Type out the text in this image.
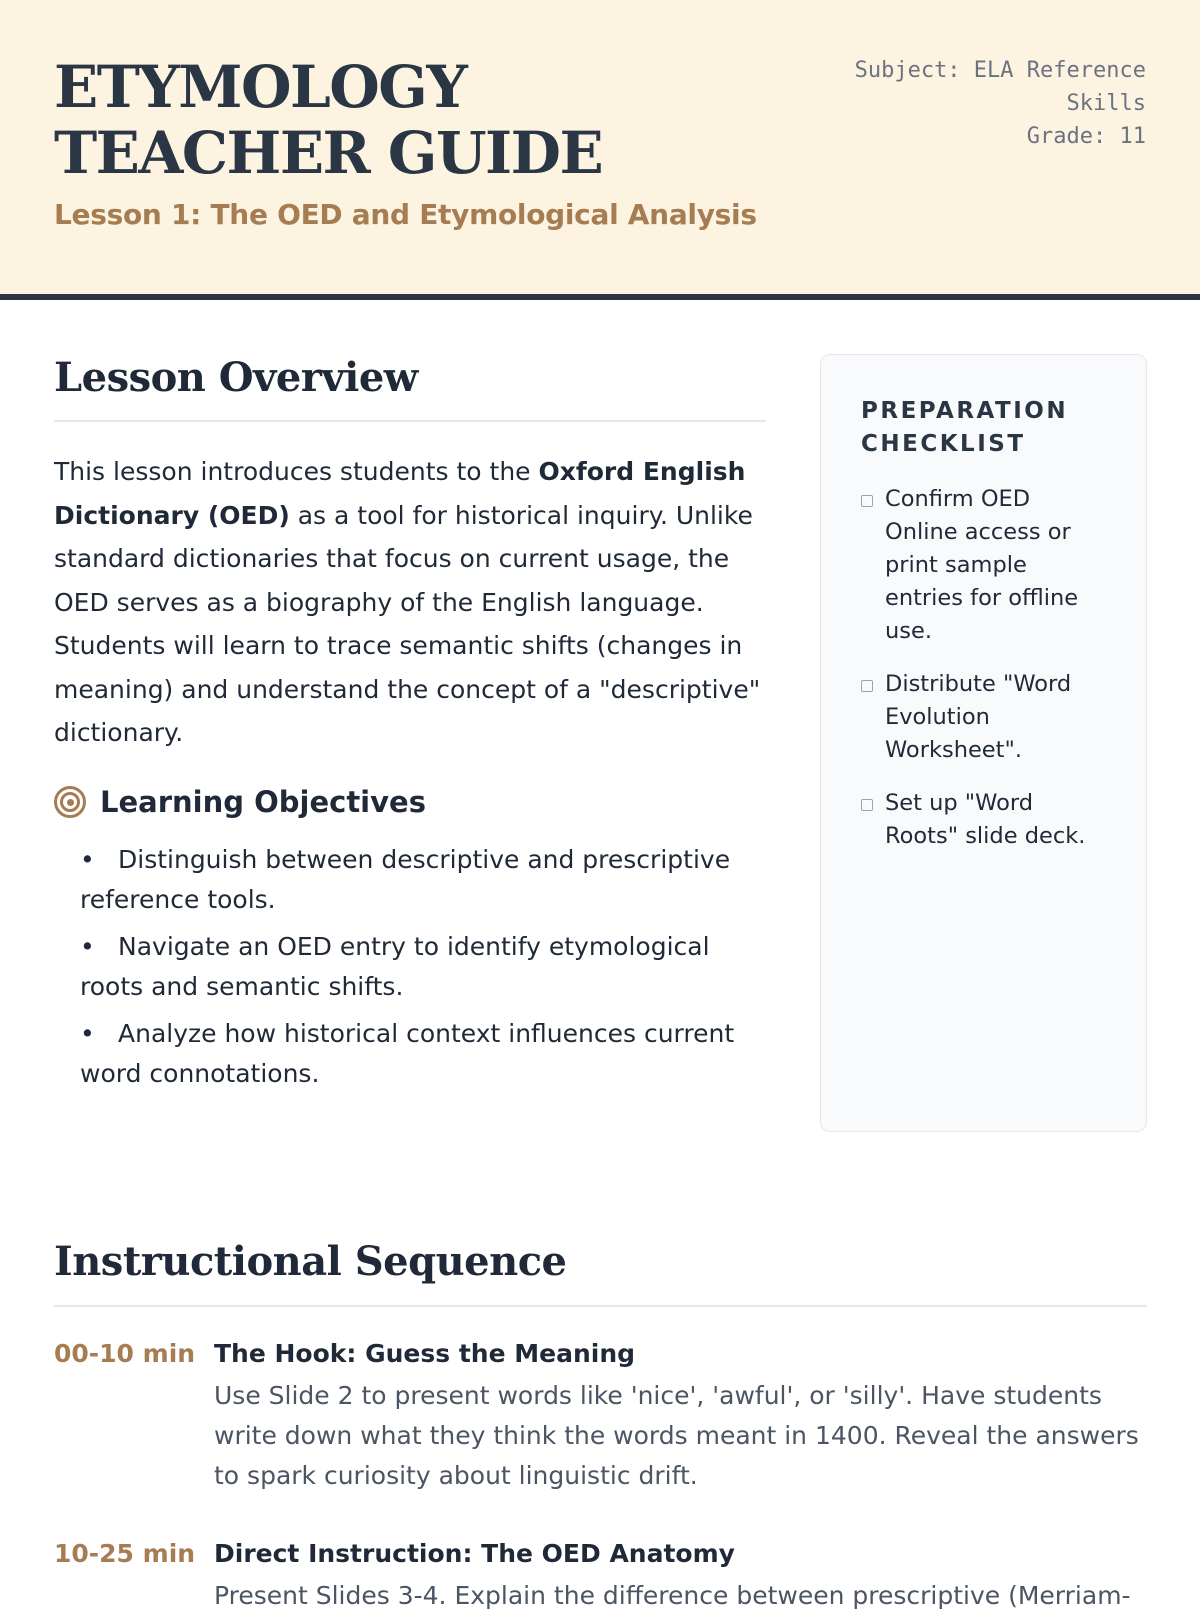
ETYMOLOGY TEACHER GUIDE
Lesson 1: The OED and Etymological Analysis
Subject: ELA Reference Skills
Grade: 11
Lesson Overview

This lesson introduces students to the Oxford English Dictionary (OED) as a tool for historical inquiry. Unlike standard dictionaries that focus on current usage, the OED serves as a biography of the English language. Students will learn to trace semantic shifts (changes in meaning) and understand the concept of a "descriptive" dictionary.

Learning Objectives
• Distinguish between descriptive and prescriptive reference tools.
• Navigate an OED entry to identify etymological roots and semantic shifts.
• Analyze how historical context influences current word connotations.
PREPARATION CHECKLIST
Confirm OED Online access or print sample entries for offline use.
Distribute "Word Evolution Worksheet".
Set up "Word Roots" slide deck.
Instructional Sequence
00-10 min The Hook: Guess the Meaning
Use Slide 2 to present words like 'nice', 'awful', or 'silly'. Have students write down what they think the words meant in 1400. Reveal the answers to spark curiosity about linguistic drift.
10-25 min Direct Instruction: The OED Anatomy
Present Slides 3-4. Explain the difference between prescriptive (Merriam-
